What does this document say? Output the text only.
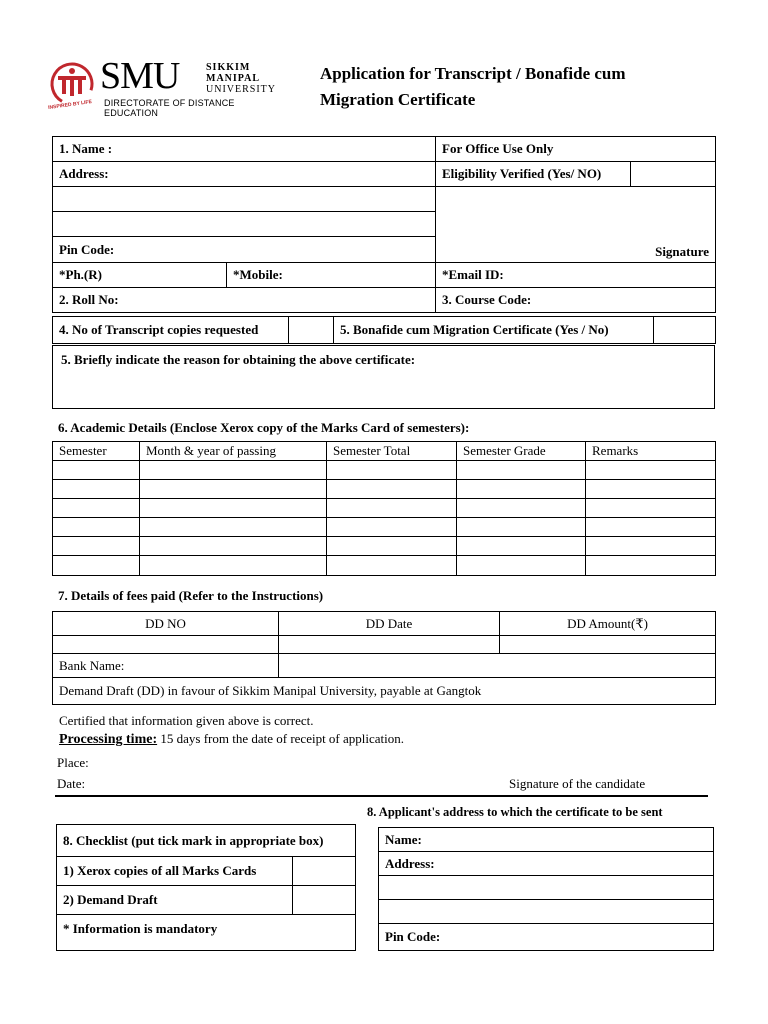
INSPIRED BY LIFE
SMU	SIKKIM
MANIPAL
UNIVERSITY
DIRECTORATE OF DISTANCE EDUCATION
Application for Transcript / Bonafide cum
Migration Certificate
1. Name :		For Office Use Only	
Address:		Eligibility Verified (Yes/ NO)	
		Signature	

Pin Code:			
*Ph.(R)	*Mobile:	*Email ID:	
2. Roll No:		3. Course Code:	
4. No of Transcript copies requested		5. Bonafide cum Migration Certificate (Yes / No)	
5. Briefly indicate the reason for obtaining the above certificate:
6. Academic Details (Enclose Xerox copy of the Marks Card of semesters):
Semester	Month & year of passing	Semester Total	Semester Grade	Remarks

7. Details of fees paid (Refer to the Instructions)
DD NO	DD Date	DD Amount(₹)

Bank Name:		
Demand Draft (DD) in favour of Sikkim Manipal University, payable at Gangtok		
Certified that information given above is correct.
Processing time: 15 days from the date of receipt of application.
Place:
Date:	Signature of the candidate
8. Applicant's address to which the certificate to be sent
8. Checklist (put tick mark in appropriate box)	
1) Xerox copies of all Marks Cards	
2) Demand Draft	
* Information is mandatory	
Name:
Address:

Pin Code:
